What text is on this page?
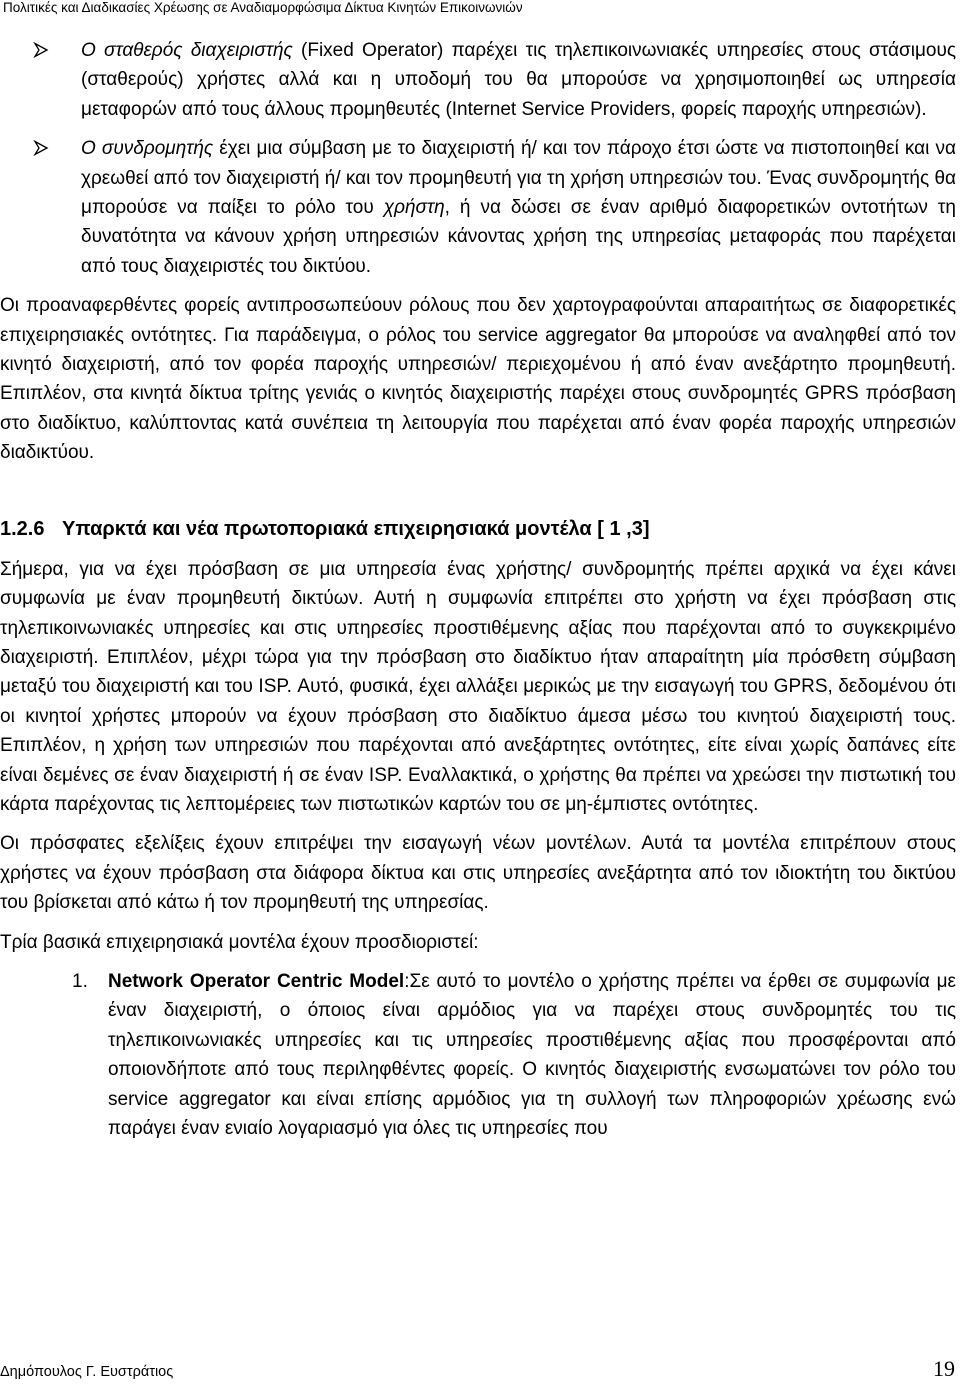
Πολιτικές και Διαδικασίες Χρέωσης σε Αναδιαμορφώσιμα Δίκτυα Κινητών Επικοινωνιών
Ο σταθερός διαχειριστής (Fixed Operator) παρέχει τις τηλεπικοινωνιακές υπηρεσίες στους στάσιμους (σταθερούς) χρήστες αλλά και η υποδομή του θα μπορούσε να χρησιμοποιηθεί ως υπηρεσία μεταφορών από τους άλλους προμηθευτές (Internet Service Providers, φορείς παροχής υπηρεσιών).
Ο συνδρομητής έχει μια σύμβαση με το διαχειριστή ή/ και τον πάροχο έτσι ώστε να πιστοποιηθεί και να χρεωθεί από τον διαχειριστή ή/ και τον προμηθευτή για τη χρήση υπηρεσιών του. Ένας συνδρομητής θα μπορούσε να παίξει το ρόλο του χρήστη, ή να δώσει σε έναν αριθμό διαφορετικών οντοτήτων τη δυνατότητα να κάνουν χρήση υπηρεσιών κάνοντας χρήση της υπηρεσίας μεταφοράς που παρέχεται από τους διαχειριστές του δικτύου.

Οι προαναφερθέντες φορείς αντιπροσωπεύουν ρόλους που δεν χαρτογραφούνται απαραιτήτως σε διαφορετικές επιχειρησιακές οντότητες. Για παράδειγμα, ο ρόλος του service aggregator θα μπορούσε να αναληφθεί από τον κινητό διαχειριστή, από τον φορέα παροχής υπηρεσιών/ περιεχομένου ή από έναν ανεξάρτητο προμηθευτή. Επιπλέον, στα κινητά δίκτυα τρίτης γενιάς ο κινητός διαχειριστής παρέχει στους συνδρομητές GPRS πρόσβαση στο διαδίκτυο, καλύπτοντας κατά συνέπεια τη λειτουργία που παρέχεται από έναν φορέα παροχής υπηρεσιών διαδικτύου.

1.2.6 Υπαρκτά και νέα πρωτοποριακά επιχειρησιακά μοντέλα [ 1 ,3]

Σήμερα, για να έχει πρόσβαση σε μια υπηρεσία ένας χρήστης/ συνδρομητής πρέπει αρχικά να έχει κάνει συμφωνία με έναν προμηθευτή δικτύων. Αυτή η συμφωνία επιτρέπει στο χρήστη να έχει πρόσβαση στις τηλεπικοινωνιακές υπηρεσίες και στις υπηρεσίες προστιθέμενης αξίας που παρέχονται από το συγκεκριμένο διαχειριστή. Επιπλέον, μέχρι τώρα για την πρόσβαση στο διαδίκτυο ήταν απαραίτητη μία πρόσθετη σύμβαση μεταξύ του διαχειριστή και του ISP. Αυτό, φυσικά, έχει αλλάξει μερικώς με την εισαγωγή του GPRS, δεδομένου ότι οι κινητοί χρήστες μπορούν να έχουν πρόσβαση στο διαδίκτυο άμεσα μέσω του κινητού διαχειριστή τους. Επιπλέον, η χρήση των υπηρεσιών που παρέχονται από ανεξάρτητες οντότητες, είτε είναι χωρίς δαπάνες είτε είναι δεμένες σε έναν διαχειριστή ή σε έναν ISP. Εναλλακτικά, ο χρήστης θα πρέπει να χρεώσει την πιστωτική του κάρτα παρέχοντας τις λεπτομέρειες των πιστωτικών καρτών του σε μη-έμπιστες οντότητες.

Οι πρόσφατες εξελίξεις έχουν επιτρέψει την εισαγωγή νέων μοντέλων. Αυτά τα μοντέλα επιτρέπουν στους χρήστες να έχουν πρόσβαση στα διάφορα δίκτυα και στις υπηρεσίες ανεξάρτητα από τον ιδιοκτήτη του δικτύου του βρίσκεται από κάτω ή τον προμηθευτή της υπηρεσίας.

Τρία βασικά επιχειρησιακά μοντέλα έχουν προσδιοριστεί:

1. Network Operator Centric Model:Σε αυτό το μοντέλο ο χρήστης πρέπει να έρθει σε συμφωνία με έναν διαχειριστή, ο όποιος είναι αρμόδιος για να παρέχει στους συνδρομητές του τις τηλεπικοινωνιακές υπηρεσίες και τις υπηρεσίες προστιθέμενης αξίας που προσφέρονται από οποιονδήποτε από τους περιληφθέντες φορείς. Ο κινητός διαχειριστής ενσωματώνει τον ρόλο του service aggregator και είναι επίσης αρμόδιος για τη συλλογή των πληροφοριών χρέωσης ενώ παράγει έναν ενιαίο λογαριασμό για όλες τις υπηρεσίες που
Δημόπουλος Γ. Ευστράτιος	19
